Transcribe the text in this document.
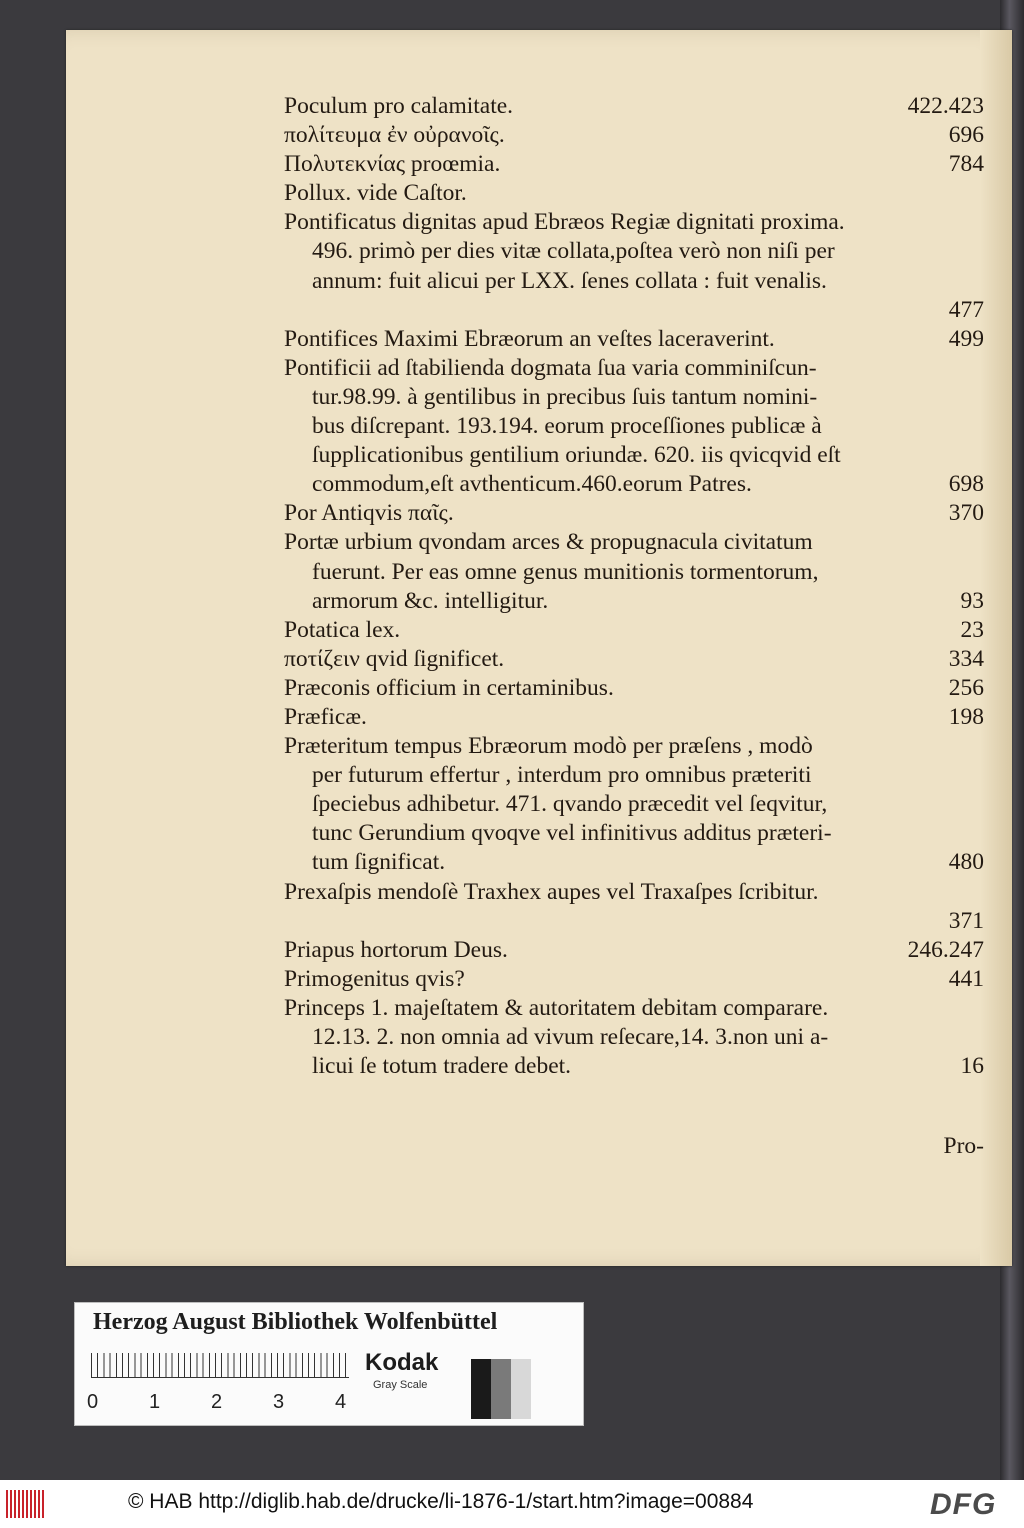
Poculum pro calamitate.	422.423
πολίτευμα ἐν οὐρανοῖς.	696
Πολυτεκνίας proœmia.	784
Pollux. vide Caſtor.
Pontificatus dignitas apud Ebræos Regiæ dignitati proxima.
496. primò per dies vitæ collata,poſtea verò non niſi per
annum: fuit alicui per LXX. ſenes collata : fuit venalis.
477
Pontifices Maximi Ebræorum an veſtes laceraverint.	499
Pontificii ad ſtabilienda dogmata ſua varia comminiſcun-
tur.98.99. à gentilibus in precibus ſuis tantum nomini-
bus diſcrepant. 193.194. eorum proceſſiones publicæ à
ſupplicationibus gentilium oriundæ. 620. iis qvicqvid eſt
commodum,eſt avthenticum.460.eorum Patres.	698
Por Antiqvis παῖς.	370
Portæ urbium qvondam arces & propugnacula civitatum
fuerunt. Per eas omne genus munitionis tormentorum,
armorum &c. intelligitur.	93
Potatica lex.	23
ποτίζειν qvid ſignificet.	334
Præconis officium in certaminibus.	256
Præficæ.	198
Præteritum tempus Ebræorum modò per præſens , modò
per futurum effertur , interdum pro omnibus præteriti
ſpeciebus adhibetur. 471. qvando præcedit vel ſeqvitur,
tunc Gerundium qvoqve vel infinitivus additus præteri-
tum ſignificat.	480
Prexaſpis mendoſè Traxhex aupes vel Traxaſpes ſcribitur.
371
Priapus hortorum Deus.	246.247
Primogenitus qvis?	441
Princeps 1. majeſtatem & autoritatem debitam comparare.
12.13. 2. non omnia ad vivum reſecare,14. 3.non uni a-
licui ſe totum tradere debet.	16
Pro-
Herzog August Bibliothek Wolfenbüttel
0	1	2	3	4
Kodak
Gray Scale
© HAB http://diglib.hab.de/drucke/li-1876-1/start.htm?image=00884	DFG
